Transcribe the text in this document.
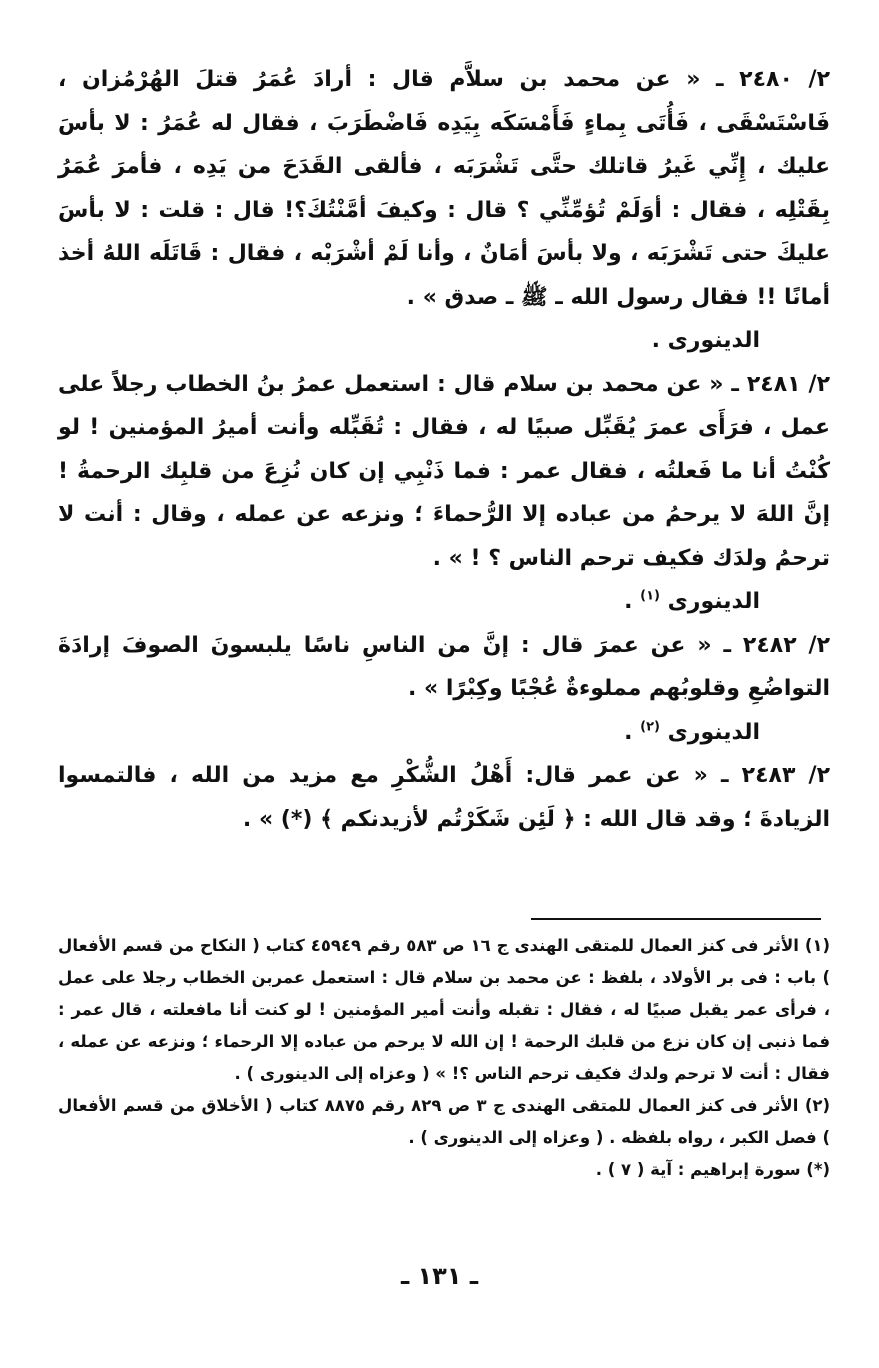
٢/ ٢٤٨٠ ـ « عن محمد بن سلاَّم قال : أرادَ عُمَرُ قتلَ الهُرْمُزان ، فَاسْتَسْقَى ، فَأُتَى بِماءٍ فَأَمْسَكَه بِيَدِه فَاضْطَرَبَ ، فقال له عُمَرُ : لا بأسَ عليك ، إِنِّي غَيرُ قاتلك حتَّى تَشْرَبَه ، فألقى القَدَحَ من يَدِه ، فأمرَ عُمَرُ بِقَتْلِه ، فقال : أوَلَمْ تُؤمِّنِّي ؟ قال : وكيفَ أمَّنْتُكَ؟! قال : قلت : لا بأسَ عليكَ حتى تَشْرَبَه ، ولا بأسَ أمَانٌ ، وأنا لَمْ أشْرَبْه ، فقال : قَاتَلَه اللهُ أخذ أمانًا !! فقال رسول الله ـ ﷺ ـ صدق » .

الدينورى .

٢/ ٢٤٨١ ـ « عن محمد بن سلام قال : استعمل عمرُ بنُ الخطاب رجلاً على عمل ، فرَأَى عمرَ يُقَبِّل صبيًا له ، فقال : تُقَبِّله وأنت أميرُ المؤمنين ! لو كُنْتُ أنا ما فَعلتُه ، فقال عمر : فما ذَنْبِي إن كان نُزِعَ من قلبِك الرحمةُ ! إنَّ اللهَ لا يرحمُ من عباده إلا الرُّحماءَ ؛ ونزعه عن عمله ، وقال : أنت لا ترحمُ ولدَك فكيف ترحم الناس ؟ ! » .

الدينورى $^{(١)}$ .

٢/ ٢٤٨٢ ـ « عن عمرَ قال : إنَّ من الناسِ ناسًا يلبسونَ الصوفَ إرادَةَ التواضُعِ وقلوبُهم مملوءةٌ عُجْبًا وكِبْرًا » .

الدينورى $^{(٢)}$ .

٢/ ٢٤٨٣ ـ « عن عمر قال: أَهْلُ الشُّكْرِ مع مزيد من الله ، فالتمسوا الزيادةَ ؛ وقد قال الله : ﴿ لَئِن شَكَرْتُم لأزيدنكم ﴾ (*) » .

(١) الأثر فى كنز العمال للمتقى الهندى ج ١٦ ص ٥٨٣ رقم ٤٥٩٤٩ كتاب ( النكاح من قسم الأفعال ) باب : فى بر الأولاد ، بلفظ : عن محمد بن سلام قال : استعمل عمربن الخطاب رجلا على عمل ، فرأى عمر يقبل صبيًا له ، فقال : تقبله وأنت أمير المؤمنين ! لو كنت أنا مافعلته ، قال عمر : فما ذنبى إن كان نزع من قلبك الرحمة ! إن الله لا يرحم من عباده إلا الرحماء ؛ ونزعه عن عمله ، فقال : أنت لا ترحم ولدك فكيف ترحم الناس ؟! » ( وعزاه إلى الدينورى ) .

(٢) الأثر فى كنز العمال للمتقى الهندى ج ٣ ص ٨٢٩ رقم ٨٨٧٥ كتاب ( الأخلاق من قسم الأفعال ) فصل الكبر ، رواه بلفظه . ( وعزاه إلى الدينورى ) .

(*) سورة إبراهيم : آية ( ٧ ) .

ـ ١٣١ ـ
